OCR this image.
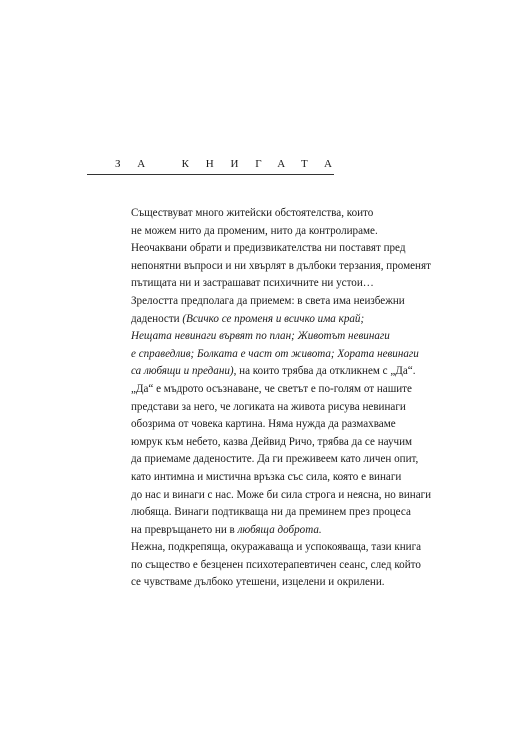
ЗА КНИГАТА
Съществуват много житейски обстоятелства, които
не можем нито да променим, нито да контролираме.
Неочаквани обрати и предизвикателства ни поставят пред
непонятни въпроси и ни хвърлят в дълбоки терзания, променят
пътищата ни и застрашават психичните ни устои…
Зрелостта предполага да приемем: в света има неизбежни
дадености (Всичко се променя и всичко има край;
Нещата невинаги вървят по план; Животът невинаги
е справедлив; Болката е част от живота; Хората невинаги
са любящи и предани), на които трябва да откликнем с „Да“.
„Да“ е мъдрото осъзнаване, че светът е по-голям от нашите
представи за него, че логиката на живота рисува невинаги
обозрима от човека картина. Няма нужда да размахваме
юмрук към небето, казва Дейвид Ричо, трябва да се научим
да приемаме даденостите. Да ги преживеем като личен опит,
като интимна и мистична връзка със сила, която е винаги
до нас и винаги с нас. Може би сила строга и неясна, но винаги
любяща. Винаги подтикваща ни да преминем през процеса
на превръщането ни в любяща доброта.
Нежна, подкрепяща, окуражаваща и успокояваща, тази книга
по същество е безценен психотерапевтичен сеанс, след който
се чувстваме дълбоко утешени, изцелени и окрилени.
